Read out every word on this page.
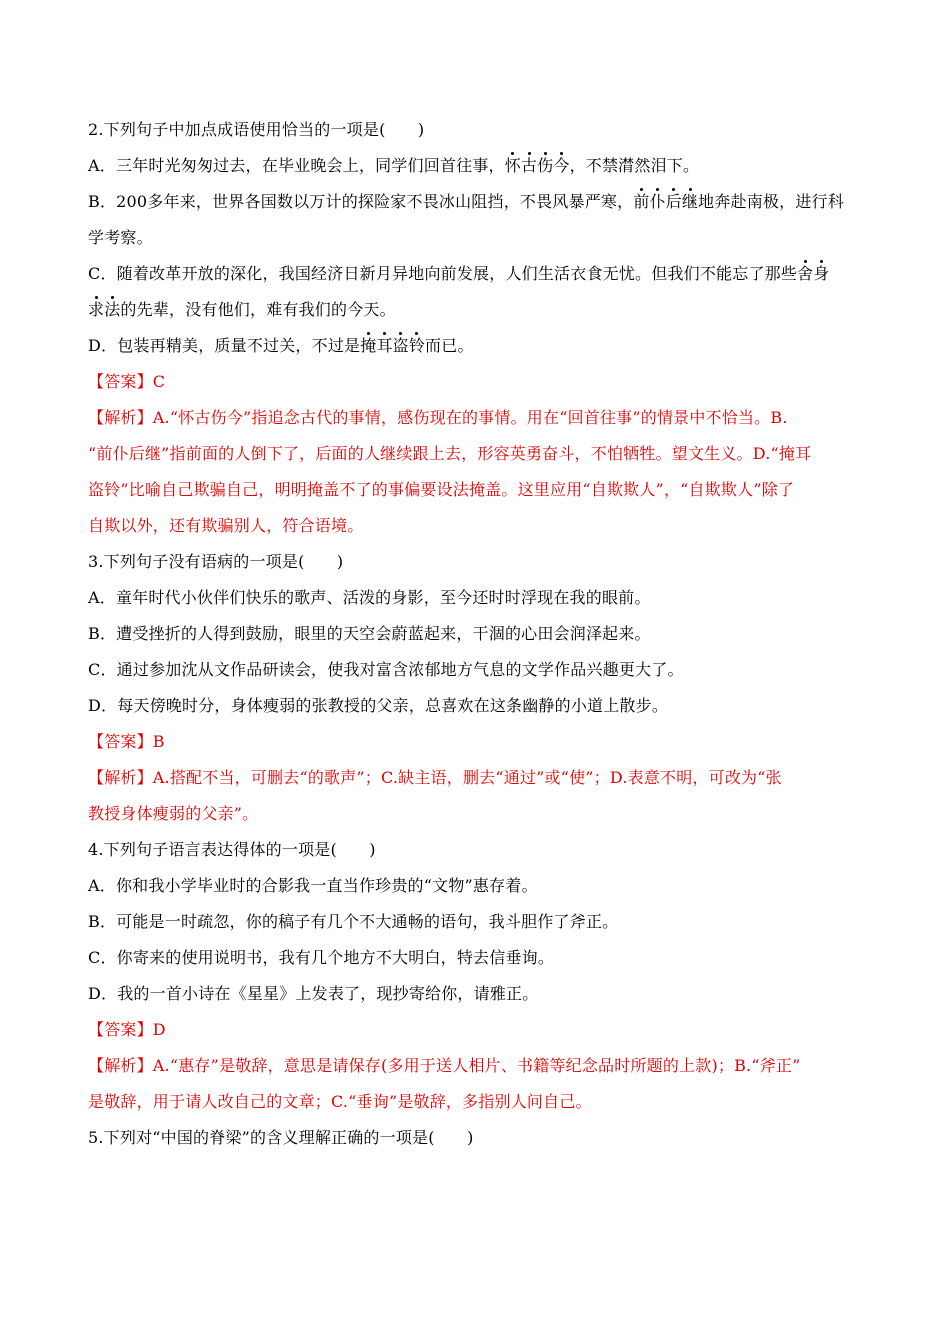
2.下列句子中加点成语使用恰当的一项是(　　)
A．三年时光匆匆过去，在毕业晚会上，同学们回首往事，怀古伤今，不禁潸然泪下。
B．200多年来，世界各国数以万计的探险家不畏冰山阻挡，不畏风暴严寒，前仆后继地奔赴南极，进行科
学考察。
C．随着改革开放的深化，我国经济日新月异地向前发展，人们生活衣食无忧。但我们不能忘了那些舍身
求法的先辈，没有他们，难有我们的今天。
D．包装再精美，质量不过关，不过是掩耳盗铃而已。
【答案】C
【解析】A.“怀古伤今”指追念古代的事情，感伤现在的事情。用在“回首往事”的情景中不恰当。B.
“前仆后继”指前面的人倒下了，后面的人继续跟上去，形容英勇奋斗，不怕牺牲。望文生义。D.“掩耳
盗铃”比喻自己欺骗自己，明明掩盖不了的事偏要设法掩盖。这里应用“自欺欺人”，“自欺欺人”除了
自欺以外，还有欺骗别人，符合语境。
3.下列句子没有语病的一项是(　　)
A．童年时代小伙伴们快乐的歌声、活泼的身影，至今还时时浮现在我的眼前。
B．遭受挫折的人得到鼓励，眼里的天空会蔚蓝起来，干涸的心田会润泽起来。
C．通过参加沈从文作品研读会，使我对富含浓郁地方气息的文学作品兴趣更大了。
D．每天傍晚时分，身体瘦弱的张教授的父亲，总喜欢在这条幽静的小道上散步。
【答案】B
【解析】A.搭配不当，可删去“的歌声”；C.缺主语，删去“通过”或“使”；D.表意不明，可改为“张
教授身体瘦弱的父亲”。
4.下列句子语言表达得体的一项是(　　)
A．你和我小学毕业时的合影我一直当作珍贵的“文物”惠存着。
B．可能是一时疏忽，你的稿子有几个不大通畅的语句，我斗胆作了斧正。
C．你寄来的使用说明书，我有几个地方不大明白，特去信垂询。
D．我的一首小诗在《星星》上发表了，现抄寄给你，请雅正。
【答案】D
【解析】A.“惠存”是敬辞，意思是请保存(多用于送人相片、书籍等纪念品时所题的上款)；B.“斧正”
是敬辞，用于请人改自己的文章；C.“垂询”是敬辞，多指别人问自己。
5.下列对“中国的脊梁”的含义理解正确的一项是(　　)
